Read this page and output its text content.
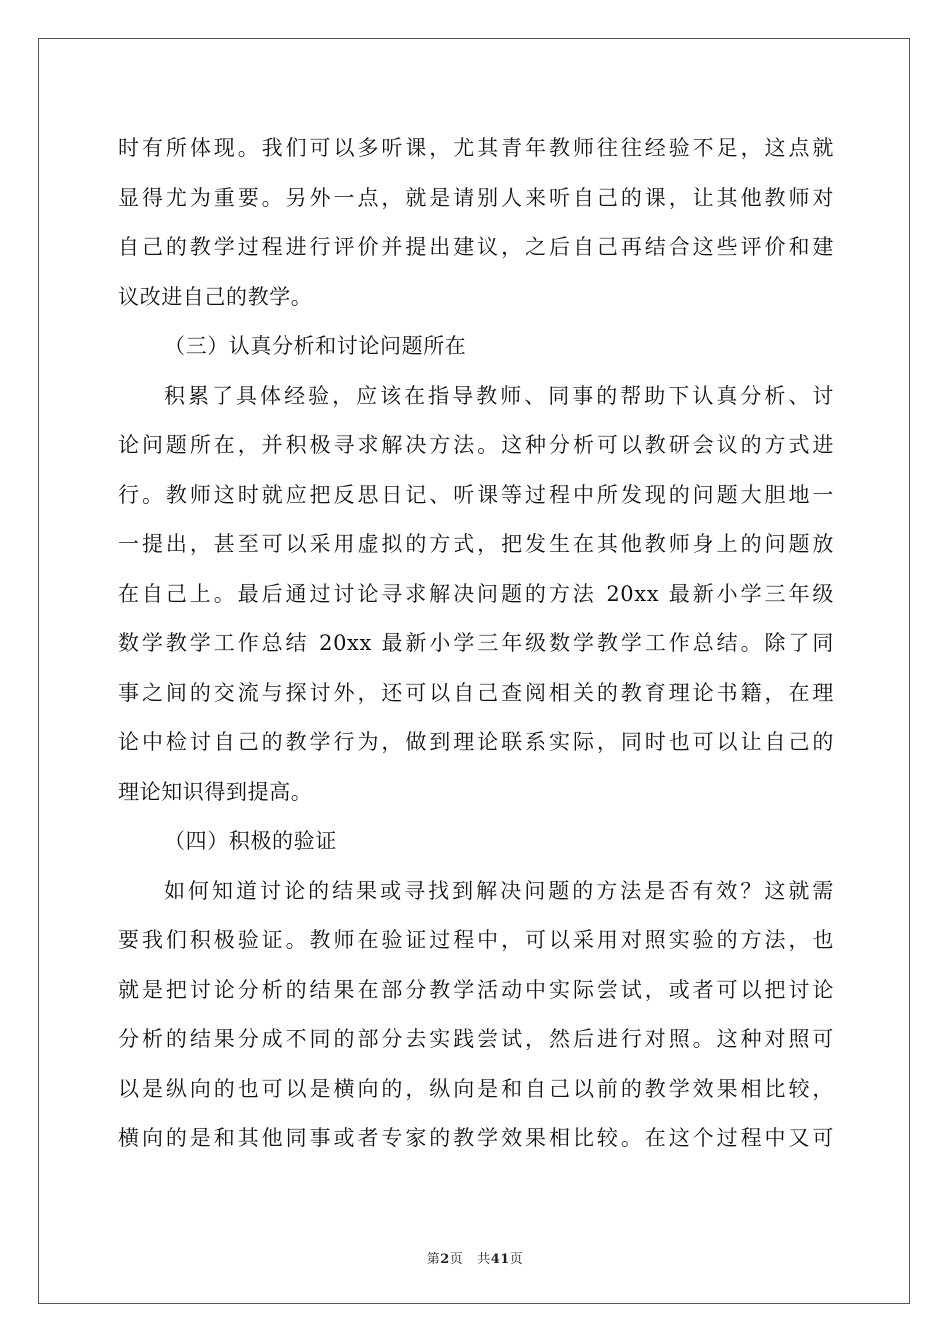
时有所体现。我们可以多听课，尤其青年教师往往经验不足，这点就
显得尤为重要。另外一点，就是请别人来听自己的课，让其他教师对
自己的教学过程进行评价并提出建议，之后自己再结合这些评价和建
议改进自己的教学。
（三）认真分析和讨论问题所在
积累了具体经验，应该在指导教师、同事的帮助下认真分析、讨
论问题所在，并积极寻求解决方法。这种分析可以教研会议的方式进
行。教师这时就应把反思日记、听课等过程中所发现的问题大胆地一
一提出，甚至可以采用虚拟的方式，把发生在其他教师身上的问题放
在自己上。最后通过讨论寻求解决问题的方法 20xx 最新小学三年级
数学教学工作总结 20xx 最新小学三年级数学教学工作总结。除了同
事之间的交流与探讨外，还可以自己查阅相关的教育理论书籍，在理
论中检讨自己的教学行为，做到理论联系实际，同时也可以让自己的
理论知识得到提高。
（四）积极的验证
如何知道讨论的结果或寻找到解决问题的方法是否有效？这就需
要我们积极验证。教师在验证过程中，可以采用对照实验的方法，也
就是把讨论分析的结果在部分教学活动中实际尝试，或者可以把讨论
分析的结果分成不同的部分去实践尝试，然后进行对照。这种对照可
以是纵向的也可以是横向的，纵向是和自己以前的教学效果相比较，
横向的是和其他同事或者专家的教学效果相比较。在这个过程中又可
第2页 共41页
